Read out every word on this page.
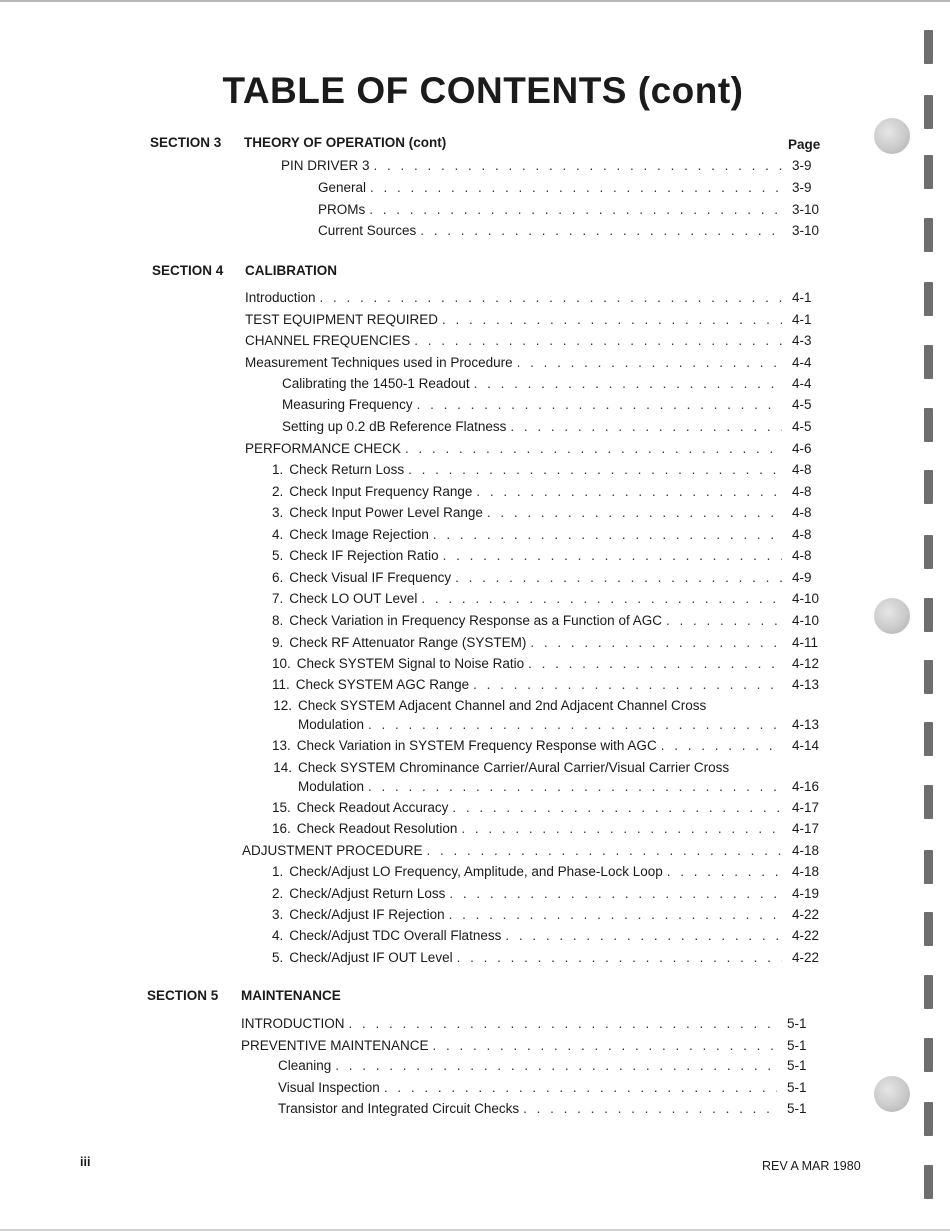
TABLE OF CONTENTS (cont)
SECTION 3 THEORY OF OPERATION (cont)	Page
PIN DRIVER 3 . . .	3-9
General . . .	3-9
PROMs . . .	3-10
Current Sources . . .	3-10
SECTION 4 CALIBRATION
Introduction . . .	4-1
TEST EQUIPMENT REQUIRED . . .	4-1
CHANNEL FREQUENCIES . . .	4-3
Measurement Techniques used in Procedure . . .	4-4
Calibrating the 1450-1 Readout . . .	4-4
Measuring Frequency . . .	4-5
Setting up 0.2 dB Reference Flatness . . .	4-5
PERFORMANCE CHECK . . .	4-6
1. Check Return Loss . . .	4-8
2. Check Input Frequency Range . . .	4-8
3. Check Input Power Level Range . . .	4-8
4. Check Image Rejection . . .	4-8
5. Check IF Rejection Ratio . . .	4-8
6. Check Visual IF Frequency . . .	4-9
7. Check LO OUT Level . . .	4-10
8. Check Variation in Frequency Response as a Function of AGC . . .	4-10
9. Check RF Attenuator Range (SYSTEM) . . .	4-11
10. Check SYSTEM Signal to Noise Ratio . . .	4-12
11. Check SYSTEM AGC Range . . .	4-13
12. Check SYSTEM Adjacent Channel and 2nd Adjacent Channel Cross
Modulation . . .	4-13
13. Check Variation in SYSTEM Frequency Response with AGC . . .	4-14
14. Check SYSTEM Chrominance Carrier/Aural Carrier/Visual Carrier Cross
Modulation . . .	4-16
15. Check Readout Accuracy . . .	4-17
16. Check Readout Resolution . . .	4-17
ADJUSTMENT PROCEDURE . . .	4-18
1. Check/Adjust LO Frequency, Amplitude, and Phase-Lock Loop . . .	4-18
2. Check/Adjust Return Loss . . .	4-19
3. Check/Adjust IF Rejection . . .	4-22
4. Check/Adjust TDC Overall Flatness . . .	4-22
5. Check/Adjust IF OUT Level . . .	4-22
SECTION 5 MAINTENANCE
INTRODUCTION . . .	5-1
PREVENTIVE MAINTENANCE . . .	5-1
Cleaning . . .	5-1
Visual Inspection . . .	5-1
Transistor and Integrated Circuit Checks . . .	5-1
iii	REV A MAR 1980
